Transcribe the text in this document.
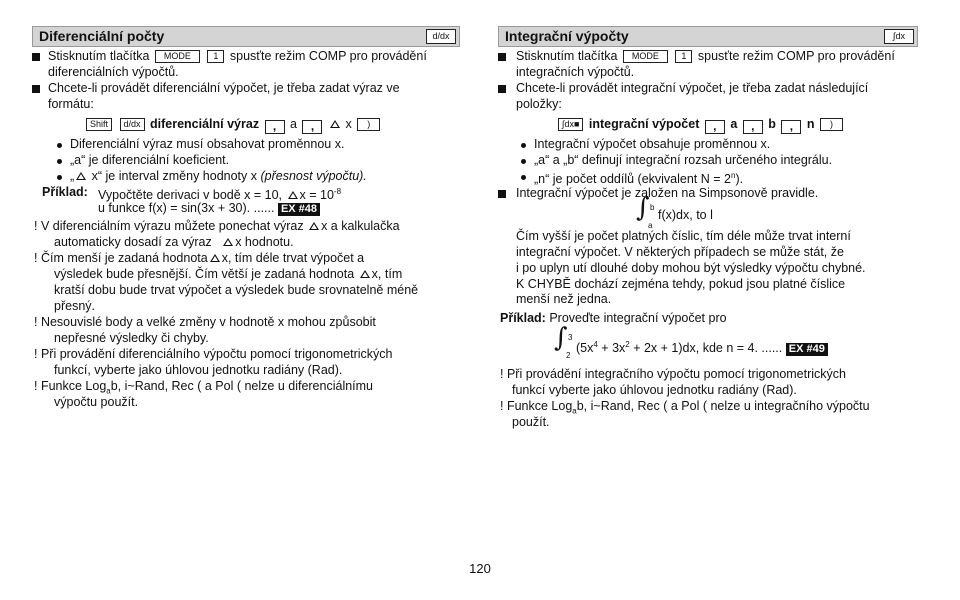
Diferenciální počty	d/dx
Stisknutím tlačítka MODE 1 spusťte režim COMP pro provádění
diferenciálních výpočtů.
Chcete-li provádět diferenciální výpočet, je třeba zadat výraz ve
formátu:
Shift d/dx diferenciální výraz , a ,	x )
Diferenciální výraz musí obsahovat proměnnou x.
„a“ je diferenciální koeficient.
„ x“ je interval změny hodnoty x (přesnost výpočtu).
Příklad: Vypočtěte derivaci v bodě x = 10, $x = 10^{-8}$
u funkce f(x) = sin(3x + 30). ...... EX #48
! V diferenciálním výrazu můžete ponechat výraz x a kalkulačka
automaticky dosadí za výraz x hodnotu.
! Čím menší je zadaná hodnota x, tím déle trvat výpočet a
výsledek bude přesnější. Čím větší je zadaná hodnota x, tím
kratší dobu bude trvat výpočet a výsledek bude srovnatelně méně
přesný.
! Nesouvislé body a velké změny v hodnotě x mohou způsobit
nepřesné výsledky či chyby.
! Při provádění diferenciálního výpočtu pomocí trigonometrických
funkcí, vyberte jako úhlovou jednotku radiány (Rad).
! Funkce Log$_a$b, i~Rand, Rec ( a Pol ( nelze u diferenciálnímu
výpočtu použít.
Integrační výpočty	∫dx
Stisknutím tlačítka MODE 1 spusťte režim COMP pro provádění
integračních výpočtů.
Chcete-li provádět integrační výpočet, je třeba zadat následující
položky:
∫dx■ integrační výpočet , a , b , n )
Integrační výpočet obsahuje proměnnou x.
„a“ a „b“ definují integrační rozsah určeného integrálu.
„n“ je počet oddílů (ekvivalent $N = 2^n$).
Integrační výpočet je založen na Simpsonově pravidle.
∫ b
a
f(x)dx, to l
Čím vyšší je počet platných číslic, tím déle může trvat interní
integrační výpočet. V některých případech se může stát, že
i po uplyn utí dlouhé doby mohou být výsledky výpočtu chybné.
K CHYBĚ dochází zejména tehdy, pokud jsou platné číslice
menší než jedna.
Příklad: Proveďte integrační výpočet pro
∫ 3
2
$(5x^4 + 3x^2 + 2x + 1)dx$, kde n = 4. ...... EX #49
! Při provádění integračního výpočtu pomocí trigonometrických
funkcí vyberte jako úhlovou jednotku radiány (Rad).
! Funkce Log$_a$b, i~Rand, Rec ( a Pol ( nelze u integračního výpočtu
použít.
120
